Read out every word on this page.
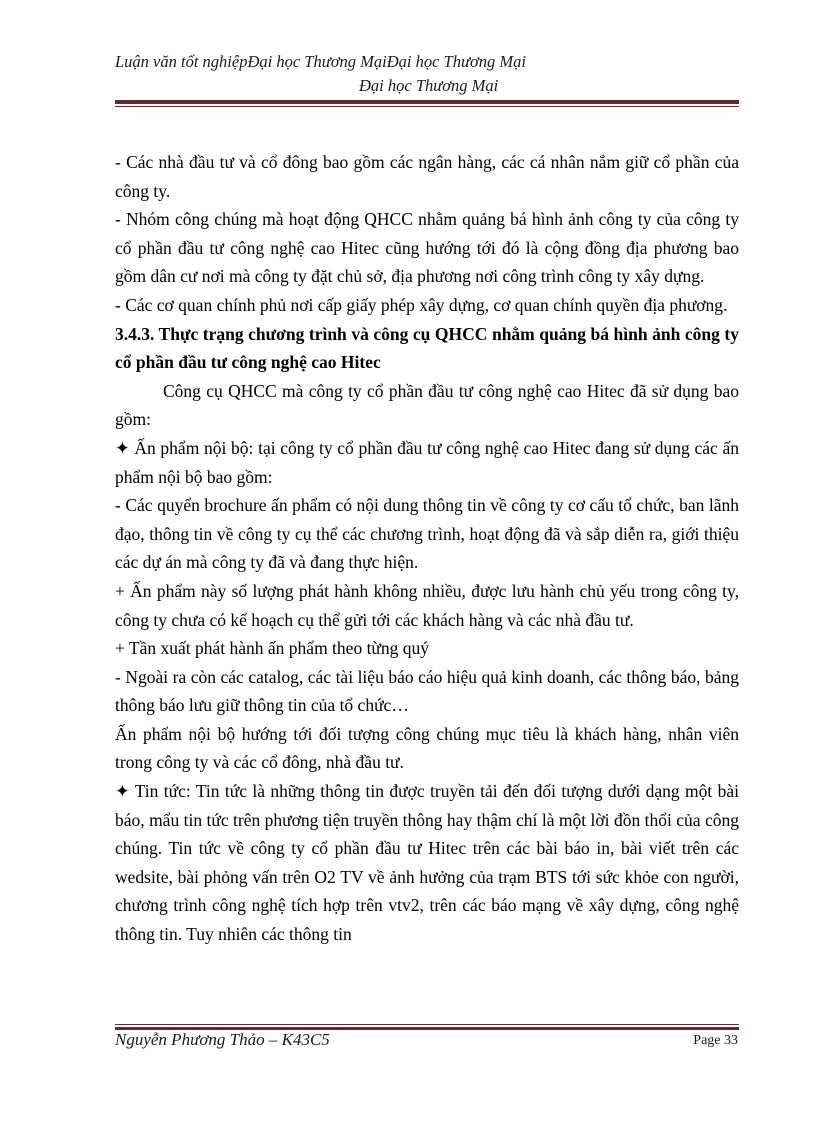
Luận văn tốt nghiệpĐại học Thương MạiĐại học Thương Mại
Đại học Thương Mại

- Các nhà đầu tư và cổ đông bao gồm các ngân hàng, các cá nhân nắm giữ cổ phần của công ty.

- Nhóm công chúng mà hoạt động QHCC nhằm quảng bá hình ảnh công ty của công ty cổ phần đầu tư công nghệ cao Hitec cũng hướng tới đó là cộng đồng địa phương bao gồm dân cư nơi mà công ty đặt chủ sở, địa phương nơi công trình công ty xây dựng.

- Các cơ quan chính phủ nơi cấp giấy phép xây dựng, cơ quan chính quyền địa phương.

3.4.3. Thực trạng chương trình và công cụ QHCC nhằm quảng bá hình ảnh công ty cổ phần đầu tư công nghệ cao Hitec

Công cụ QHCC mà công ty cổ phần đầu tư công nghệ cao Hitec đã sử dụng bao gồm:

✦ Ấn phẩm nội bộ: tại công ty cổ phần đầu tư công nghệ cao Hitec đang sử dụng các ấn phẩm nội bộ bao gồm:

- Các quyển brochure ấn phẩm có nội dung thông tin về công ty cơ cấu tổ chức, ban lãnh đạo, thông tin về công ty cụ thể các chương trình, hoạt động đã và sắp diễn ra, giới thiệu các dự án mà công ty đã và đang thực hiện.

+ Ấn phẩm này số lượng phát hành không nhiều, được lưu hành chủ yếu trong công ty, công ty chưa có kế hoạch cụ thể gửi tới các khách hàng và các nhà đầu tư.

+ Tần xuất phát hành ấn phẩm theo từng quý

- Ngoài ra còn các catalog, các tài liệu báo cáo hiệu quả kinh doanh, các thông báo, bảng thông báo lưu giữ thông tin của tổ chức…

Ấn phẩm nội bộ hướng tới đối tượng công chúng mục tiêu là khách hàng, nhân viên trong công ty và các cổ đông, nhà đầu tư.

✦ Tin tức: Tin tức là những thông tin được truyền tải đến đối tượng dưới dạng một bài báo, mẩu tin tức trên phương tiện truyền thông hay thậm chí là một lời đồn thổi của công chúng. Tin tức về công ty cổ phần đầu tư Hitec trên các bài báo in, bài viết trên các wedsite, bài phỏng vấn trên O2 TV về ảnh hưởng của trạm BTS tới sức khỏe con người, chương trình công nghệ tích hợp trên vtv2, trên các báo mạng về xây dựng, công nghệ thông tin. Tuy nhiên các thông tin

Nguyễn Phương Thảo – K43C5	Page 33
